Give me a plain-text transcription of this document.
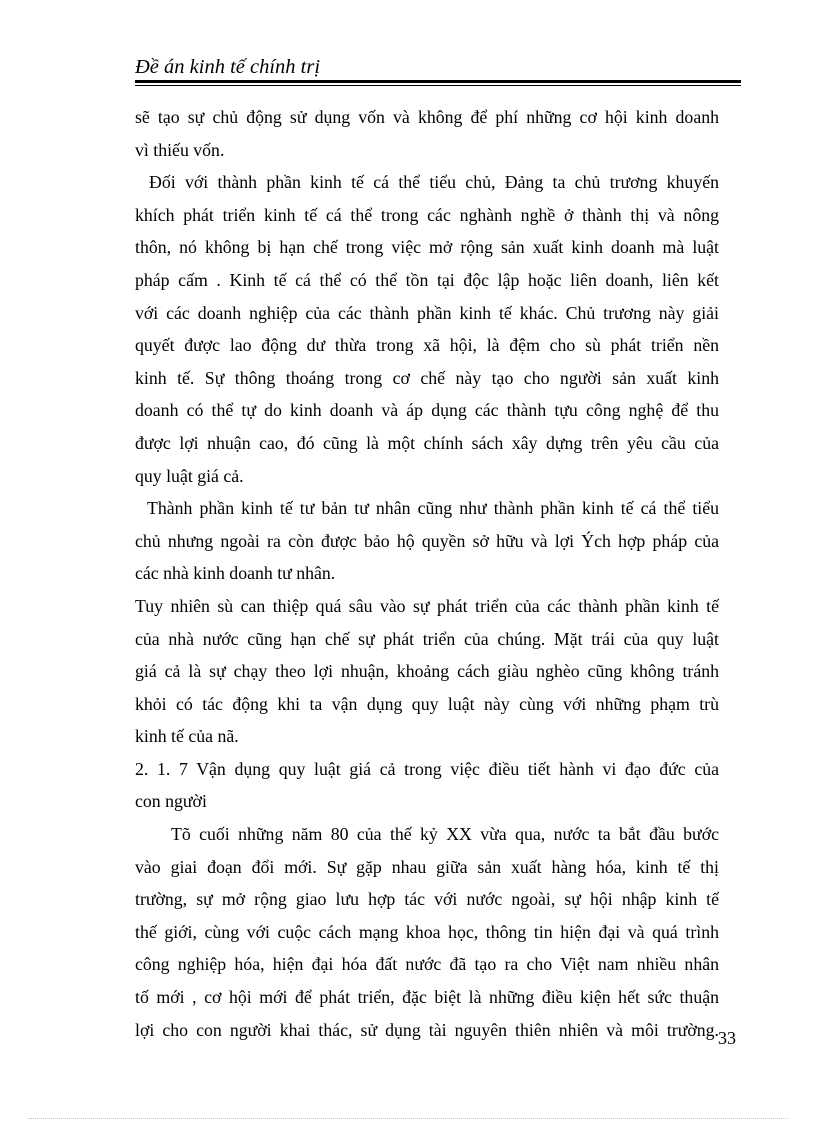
Đề án kinh tế chính trị
sẽ tạo sự chủ động sử dụng vốn và không để phí những cơ hội kinh doanh
vì thiếu vốn.
Đối với thành phần kinh tế cá thể tiểu chủ, Đảng ta chủ trương khuyến
khích phát triển kinh tế cá thể trong các nghành nghề ở thành thị và nông
thôn, nó không bị hạn chế trong việc mở rộng sản xuất kinh doanh mà luật
pháp cấm . Kinh tế cá thể có thể tồn tại độc lập hoặc liên doanh, liên kết
với các doanh nghiệp của các thành phần kinh tế khác. Chủ trương này giải
quyết được lao động dư thừa trong xã hội, là đệm cho sù phát triển nền
kinh tế. Sự thông thoáng trong cơ chế này tạo cho người sản xuất kinh
doanh có thể tự do kinh doanh và áp dụng các thành tựu công nghệ để thu
được lợi nhuận cao, đó cũng là một chính sách xây dựng trên yêu cầu của
quy luật giá cả.
Thành phần kinh tế tư bản tư nhân cũng như thành phần kinh tế cá thể tiểu
chủ nhưng ngoài ra còn được bảo hộ quyền sở hữu và lợi Ých hợp pháp của
các nhà kinh doanh tư nhân.
Tuy nhiên sù can thiệp quá sâu vào sự phát triển của các thành phần kinh tế
của nhà nước cũng hạn chế sự phát triển của chúng. Mặt trái của quy luật
giá cả là sự chạy theo lợi nhuận, khoảng cách giàu nghèo cũng không tránh
khỏi có tác động khi ta vận dụng quy luật này cùng với những phạm trù
kinh tế của nã.
2. 1. 7 Vận dụng quy luật giá cả trong việc điều tiết hành vi đạo đức của
con người
Tõ cuối những năm 80 của thế kỷ XX vừa qua, nước ta bắt đầu bước
vào giai đoạn đổi mới. Sự gặp nhau giữa sản xuất hàng hóa, kinh tế thị
trường, sự mở rộng giao lưu hợp tác với nước ngoài, sự hội nhập kinh tế
thế giới, cùng với cuộc cách mạng khoa học, thông tin hiện đại và quá trình
công nghiệp hóa, hiện đại hóa đất nước đã tạo ra cho Việt nam nhiều nhân
tố mới , cơ hội mới để phát triển, đặc biệt là những điều kiện hết sức thuận
lợi cho con người khai thác, sử dụng tài nguyên thiên nhiên và môi trường. 33
